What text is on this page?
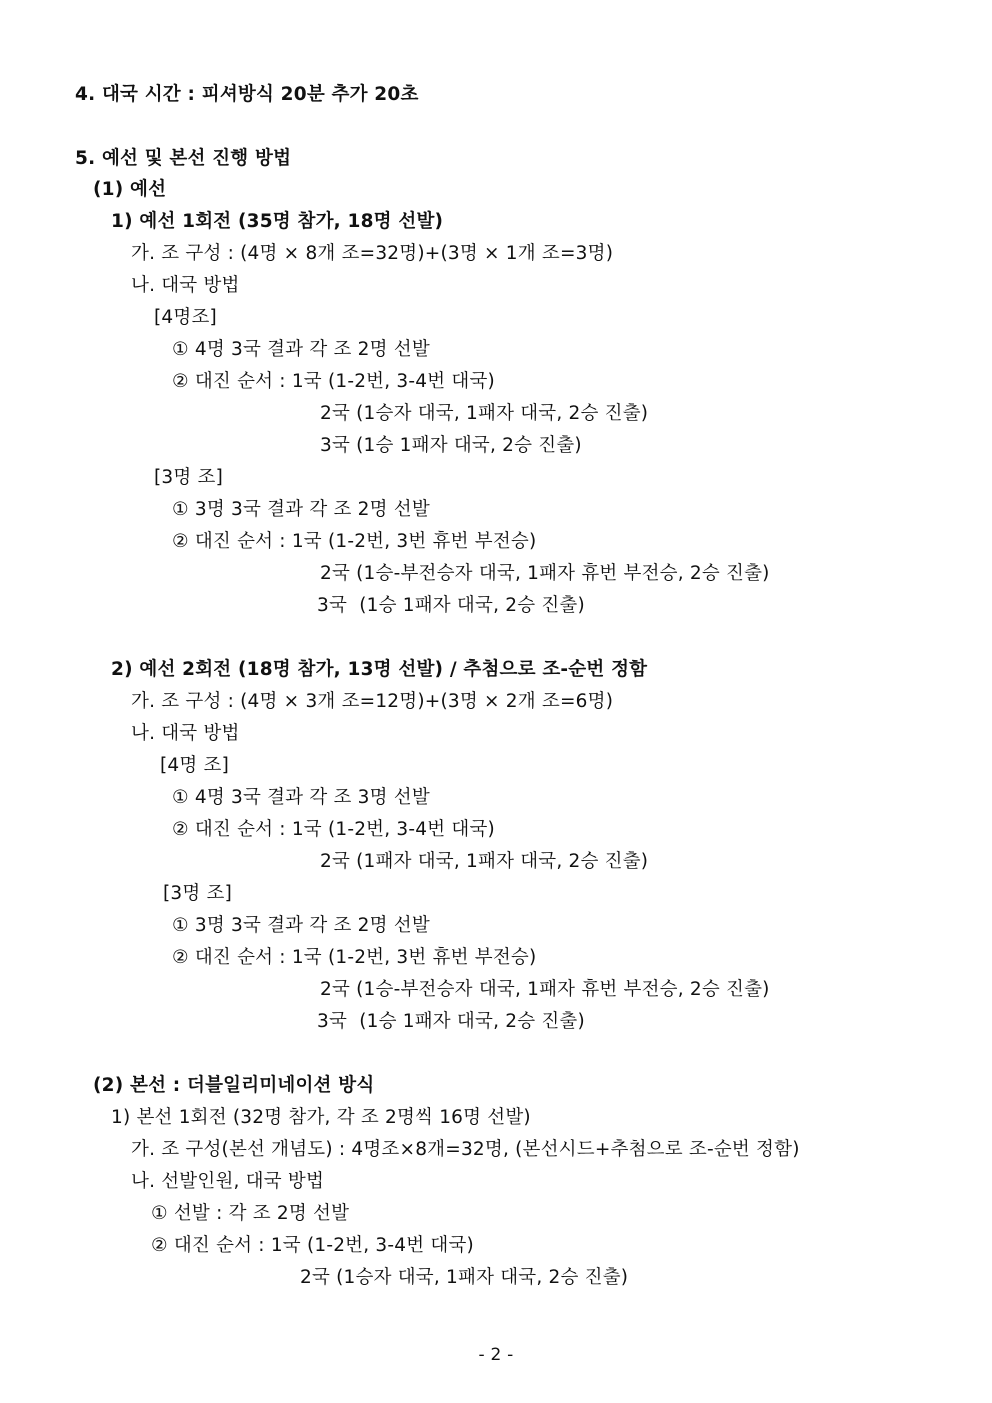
4. 대국 시간 : 피셔방식 20분 추가 20초
5. 예선 및 본선 진행 방법
(1) 예선
1) 예선 1회전 (35명 참가, 18명 선발)
가. 조 구성 : (4명 × 8개 조=32명)+(3명 × 1개 조=3명)
나. 대국 방법
[4명조]
① 4명 3국 결과 각 조 2명 선발
② 대진 순서 : 1국 (1-2번, 3-4번 대국)
2국 (1승자 대국, 1패자 대국, 2승 진출)
3국 (1승 1패자 대국, 2승 진출)
[3명 조]
① 3명 3국 결과 각 조 2명 선발
② 대진 순서 : 1국 (1-2번, 3번 휴번 부전승)
2국 (1승-부전승자 대국, 1패자 휴번 부전승, 2승 진출)
3국  (1승 1패자 대국, 2승 진출)
2) 예선 2회전 (18명 참가, 13명 선발) / 추첨으로 조-순번 정함
가. 조 구성 : (4명 × 3개 조=12명)+(3명 × 2개 조=6명)
나. 대국 방법
[4명 조]
① 4명 3국 결과 각 조 3명 선발
② 대진 순서 : 1국 (1-2번, 3-4번 대국)
2국 (1패자 대국, 1패자 대국, 2승 진출)
[3명 조]
① 3명 3국 결과 각 조 2명 선발
② 대진 순서 : 1국 (1-2번, 3번 휴번 부전승)
2국 (1승-부전승자 대국, 1패자 휴번 부전승, 2승 진출)
3국  (1승 1패자 대국, 2승 진출)
(2) 본선 : 더블일리미네이션 방식
1) 본선 1회전 (32명 참가, 각 조 2명씩 16명 선발)
가. 조 구성(본선 개념도) : 4명조×8개=32명, (본선시드+추첨으로 조-순번 정함)
나. 선발인원, 대국 방법
① 선발 : 각 조 2명 선발
② 대진 순서 : 1국 (1-2번, 3-4번 대국)
2국 (1승자 대국, 1패자 대국, 2승 진출)
- 2 -
